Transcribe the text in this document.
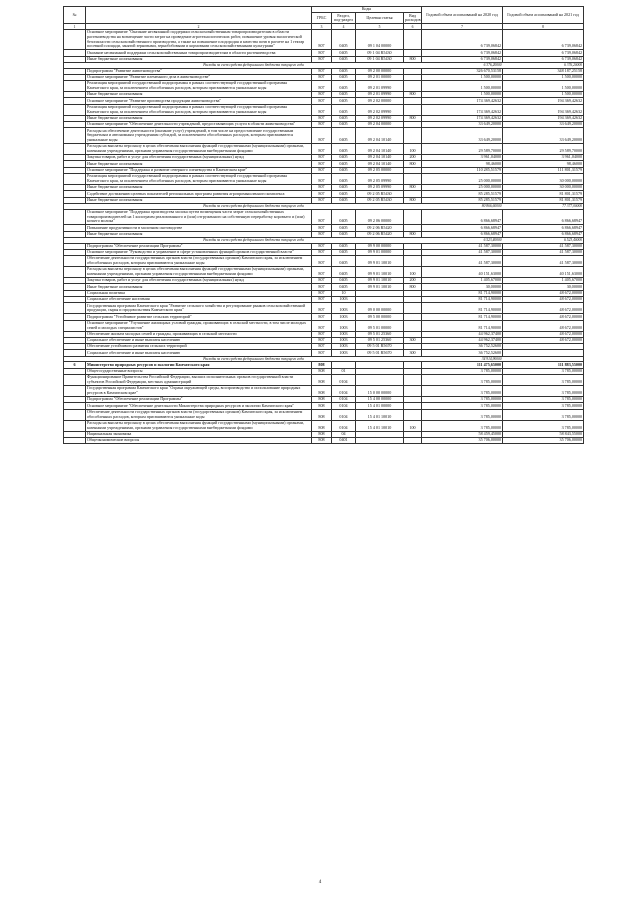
№		Коды				Годовой объем ассигнований на 2020 год	Годовой объем ассигнований на 2021 год
		ГРБС	Раздел, под-раздел	Целевая статья	Вид расходов		
1	2	3	4	5	6	7	8
	Основное мероприятие "Оказание несвязанной поддержки сельскохозяйственным товаропроизводителям в области растениеводства на возмещение части затрат на проведение агротехнологических работ, повышение уровня экологической безопасности сельскохозяйственного производства, а также на повышение плодородия и качества почв в расчете на 1 гектар посевной площади, занятой зерновыми, зернобобовыми и кормовыми сельскохозяйственными культурами"	807	0405	09 1 04 00000		6 739,06842	6 739,06842
	Оказание несвязанной поддержки сельскохозяйственным товаропроизводителям в области растениеводства	807	0405	09 1 04 R5430		6 739,06842	6 739,06842
	Иные бюджетные ассигнования	807	0405	09 1 04 R5430	800	6 739,06842	6 739,06842
	Расходы за счет средств федерального бюджета текущего года					6 376,20000	6 376,20000
	Подпрограмма "Развитие животноводства"	807	0405	09 2 00 00000		326 670,53158	348 187,25158
	Основное мероприятие "Развитие племенного дела в животноводстве"	807	0405	09 2 01 00000		1 500,00000	1 500,00000
	Реализация мероприятий государственной подпрограммы в рамках соответствующей государственной программы Камчатского края, за исключением обособленных расходов, которым присваиваются уникальные коды	807	0405	09 2 01 09990		1 500,00000	1 500,00000
	Иные бюджетные ассигнования	807	0405	09 2 01 09990	800	1 500,00000	1 500,00000
	Основное мероприятие "Развитие производства продукции животноводства"	807	0405	09 2 02 00000		174 369,42632	194 369,42632
	Реализация мероприятий государственной подпрограммы в рамках соответствующей государственной программы Камчатского края, за исключением обособленных расходов, которым присваиваются уникальные коды	807	0405	09 2 02 09990		174 369,42632	194 369,42632
	Иные бюджетные ассигнования	807	0405	09 2 02 09990	800	174 369,42632	194 369,42632
	Основное мероприятие "Обеспечение деятельности учреждений, предоставляющих услуги в области животноводства"	807	0405	09 2 04 00000		33 649,20000	33 649,20000
	Расходы на обеспечение деятельности (оказание услуг) учреждений, в том числе на предоставление государственным бюджетным и автономным учреждениям субсидий, за исключением обособленных расходов, которым присваиваются уникальные коды	807	0405	09 2 04 10140		33 649,20000	33 649,20000
	Расходы на выплаты персоналу в целях обеспечения выполнения функций государственными (муниципальными) органами, казенными учреждениями, органами управления государственными внебюджетными фондами	807	0405	09 2 04 10140	100	29 589,70000	29 589,70000
	Закупка товаров, работ и услуг для обеспечения государственных (муниципальных) нужд	807	0405	09 2 04 10140	200	3 961,04000	3 961,04000
	Иные бюджетные ассигнования	807	0405	09 2 04 10140	800	98,46000	98,46000
	Основное мероприятие "Поддержка и развитие северного оленеводства в Камчатском крае"	807	0405	09 2 05 00000		110 285,51579	111 801,31579
	Реализация мероприятий государственной подпрограммы в рамках соответствующей государственной программы Камчатского края, за исключением обособленных расходов, которым присваиваются уникальные коды	807	0405	09 2 05 09990		25 000,00000	30 000,00000
	Иные бюджетные ассигнования	807	0405	09 2 05 09990	800	25 000,00000	30 000,00000
	Содействие достижению целевых показателей региональных программ развития агропромышленного комплекса	807	0405	09 2 05 R5430		85 285,51579	81 801,31579
	Иные бюджетные ассигнования	807	0405	09 2 05 R5430	800	85 285,51579	81 801,31579
	Расходы за счет средств федерального бюджета текущего года					80 866,60000	77 377,00000
	Основное мероприятие "Поддержка производства молока путем возмещения части затрат сельскохозяйственных товаропроизводителей на 1 килограмм реализованного и (или) отгруженного на собственную переработку коровьего и (или) козьего молока"	807	0405	09 2 06 00000		6 866,68947	6 866,68947
	Повышение продуктивности в молочном скотоводстве	807	0405	09 2 06 R5420		6 866,68947	6 866,68947
	Иные бюджетные ассигнования	807	0405	09 2 06 R5420	800	6 866,68947	6 866,68947
	Расходы за счет средств федерального бюджета текущего года					6 523,40000	6 523,40000
	Подпрограмма "Обеспечение реализации Программы"	807	0405	09 9 00 00000		41 587,30000	41 587,30000
	Основное мероприятие "Руководство и управление в сфере установленных функций органов государственной власти"	807	0405	09 9 01 00000		41 587,30000	41 587,30000
	Обеспечение деятельности государственных органов власти (государственных органов) Камчатского края, за исключением обособленных расходов, которым присваиваются уникальные коды	807	0405	09 9 01 10010		41 587,30000	41 587,30000
	Расходы на выплаты персоналу в целях обеспечения выполнения функций государственными (муниципальными) органами, казенными учреждениями, органами управления государственными внебюджетными фондами	807	0405	09 9 01 10010	100	40 151,63000	40 151,63000
	Закупка товаров, работ и услуг для обеспечения государственных (муниципальных) нужд	807	0405	09 9 01 10010	200	1 405,67000	1 405,67000
	Иные бюджетные ассигнования	807	0405	09 9 01 10010	800	30,00000	30,00000
	Социальная политика	807	10			81 714,90000	48 672,00000
	Социальное обеспечение населения	807	1003			81 714,90000	48 672,00000
	Государственная программа Камчатского края "Развитие сельского хозяйства и регулирование рынков сельскохозяйственной продукции, сырья и продовольствия Камчатского края"	807	1003	09 0 00 00000		81 714,90000	48 672,00000
	Подпрограмма "Устойчивое развитие сельских территорий"	807	1003	09 5 00 00000		81 714,90000	48 672,00000
	Основное мероприятие "Улучшение жилищных условий граждан, проживающих в сельской местности, в том числе молодых семей и молодых специалистов"	807	1003	09 5 01 00000		81 714,90000	48 672,00000
	Обеспечение жильем молодых семей и граждан, проживающих в сельской местности	807	1003	09 5 01 25360		44 962,37400	48 672,00000
	Социальное обеспечение и иные выплаты населению	807	1003	09 5 01 25360	300	44 962,37400	48 672,00000
	Обеспечение устойчивого развития сельских территорий	807	1003	09 5 01 R5670		36 752,52600	
	Социальное обеспечение и иные выплаты населению	807	1003	09 5 01 R5670	300	36 752,52600	
	Расходы за счет средств федерального бюджета текущего года					34 914,90000	
6	Министерство природных ресурсов и экологии Камчатского края	808				111 475,65000	111 883,55000
	Общегосударственные вопросы	808	01			3 785,00000	3 785,00000
	Функционирование Правительства Российской Федерации, высших исполнительных органов государственной власти субъектов Российской Федерации, местных администраций	808	0104			3 785,00000	3 785,00000
	Государственная программа Камчатского края "Охрана окружающей среды, воспроизводство и использование природных ресурсов в Камчатском крае"	808	0104	15 0 00 00000		3 785,00000	3 785,00000
	Подпрограмма "Обеспечение реализации Программы"	808	0104	15 4 00 00000		3 785,00000	3 785,00000
	Основное мероприятие "Обеспечение деятельности Министерства природных ресурсов и экологии Камчатского края"	808	0104	15 4 01 00000		3 785,00000	3 785,00000
	Обеспечение деятельности государственных органов власти (государственных органов) Камчатского края, за исключением обособленных расходов, которым присваиваются уникальные коды	808	0104	15 4 01 10010		3 785,00000	3 785,00000
	Расходы на выплаты персоналу в целях обеспечения выполнения функций государственными (муниципальными) органами, казенными учреждениями, органами управления государственными внебюджетными фондами	808	0104	15 4 01 10010	100	3 785,00000	3 785,00000
	Национальная экономика	808	04			58 459,45000	58 843,55000
	Общеэкономические вопросы	808	0401			35 706,00000	35 706,00000
4
